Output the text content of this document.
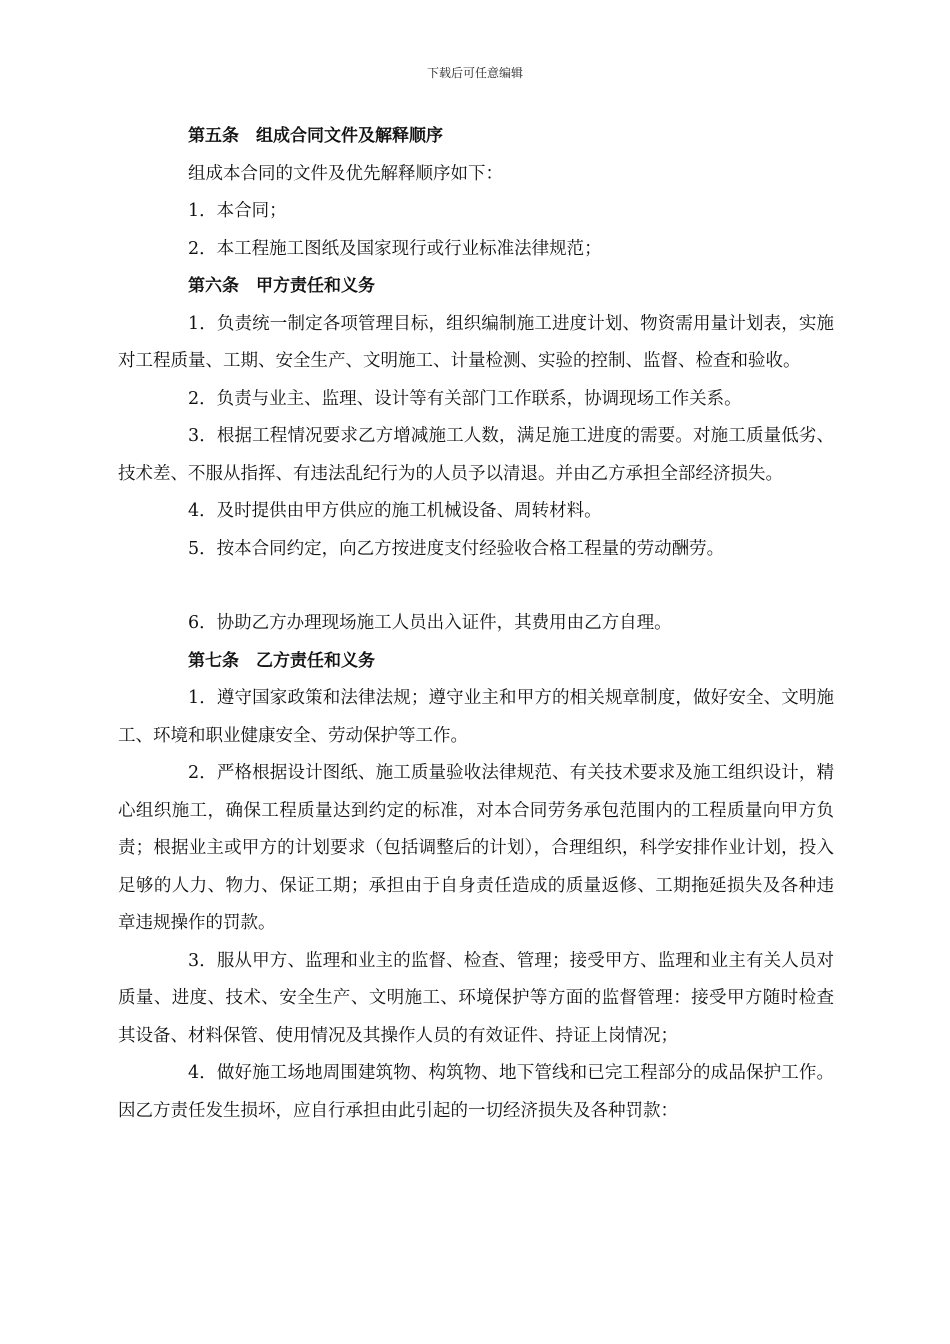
下载后可任意编辑

第五条　组成合同文件及解释顺序

组成本合同的文件及优先解释顺序如下：

1．本合同；

2．本工程施工图纸及国家现行或行业标准法律规范；

第六条　甲方责任和义务

1．负责统一制定各项管理目标，组织编制施工进度计划、物资需用量计划表，实施对工程质量、工期、安全生产、文明施工、计量检测、实验的控制、监督、检查和验收。

2．负责与业主、监理、设计等有关部门工作联系，协调现场工作关系。

3．根据工程情况要求乙方增减施工人数，满足施工进度的需要。对施工质量低劣、技术差、不服从指挥、有违法乱纪行为的人员予以清退。并由乙方承担全部经济损失。

4．及时提供由甲方供应的施工机械设备、周转材料。

5．按本合同约定，向乙方按进度支付经验收合格工程量的劳动酬劳。

6．协助乙方办理现场施工人员出入证件，其费用由乙方自理。

第七条　乙方责任和义务

1．遵守国家政策和法律法规；遵守业主和甲方的相关规章制度，做好安全、文明施工、环境和职业健康安全、劳动保护等工作。

2．严格根据设计图纸、施工质量验收法律规范、有关技术要求及施工组织设计，精心组织施工，确保工程质量达到约定的标准，对本合同劳务承包范围内的工程质量向甲方负责；根据业主或甲方的计划要求（包括调整后的计划），合理组织，科学安排作业计划，投入足够的人力、物力、保证工期；承担由于自身责任造成的质量返修、工期拖延损失及各种违章违规操作的罚款。

3．服从甲方、监理和业主的监督、检查、管理；接受甲方、监理和业主有关人员对质量、进度、技术、安全生产、文明施工、环境保护等方面的监督管理：接受甲方随时检查其设备、材料保管、使用情况及其操作人员的有效证件、持证上岗情况；

4．做好施工场地周围建筑物、构筑物、地下管线和已完工程部分的成品保护工作。因乙方责任发生损坏，应自行承担由此引起的一切经济损失及各种罚款：
